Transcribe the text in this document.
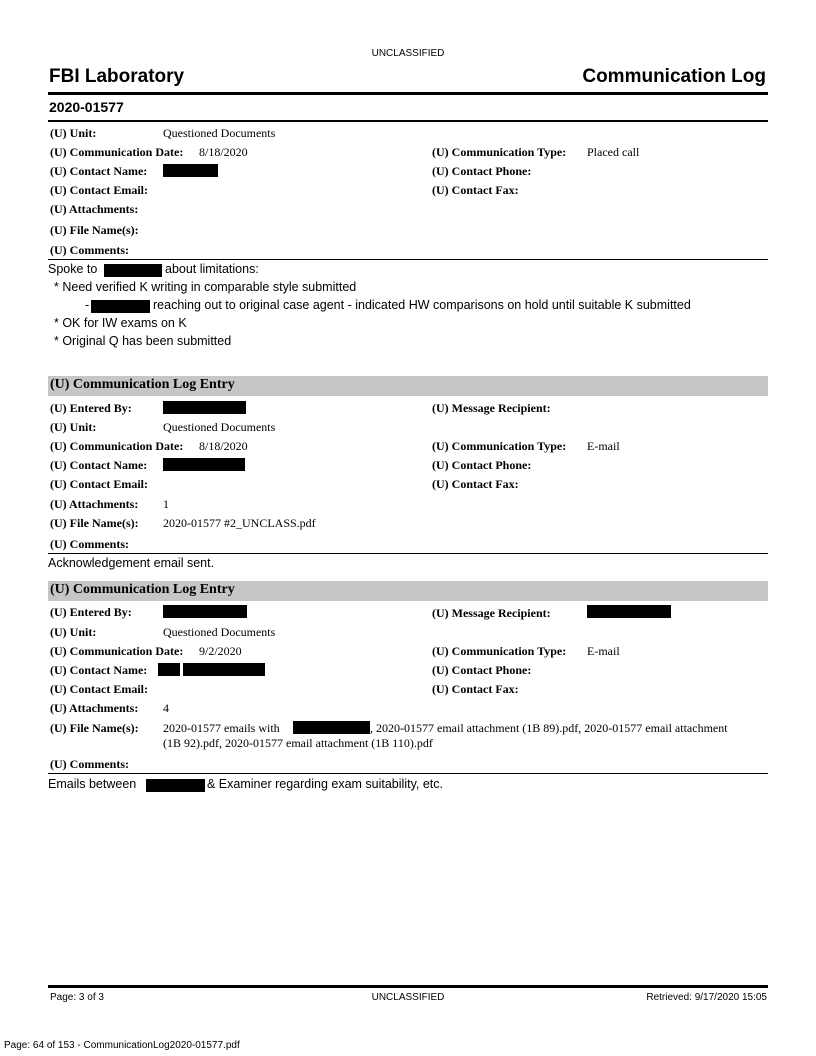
UNCLASSIFIED
FBI Laboratory	Communication Log
2020-01577
(U) Unit:	Questioned Documents
(U) Communication Date: 8/18/2020	(U) Communication Type: Placed call
(U) Contact Name:	(U) Contact Phone:
(U) Contact Email:	(U) Contact Fax:
(U) Attachments:
(U) File Name(s):
(U) Comments:
Spoke to	about limitations:
* Need verified K writing in comparable style submitted
-	reaching out to original case agent - indicated HW comparisons on hold until suitable K submitted
* OK for IW exams on K
* Original Q has been submitted
(U) Communication Log Entry
(U) Entered By:	(U) Message Recipient:
(U) Unit:	Questioned Documents
(U) Communication Date: 8/18/2020	(U) Communication Type: E-mail
(U) Contact Name:	(U) Contact Phone:
(U) Contact Email:	(U) Contact Fax:
(U) Attachments: 1
(U) File Name(s): 2020-01577 #2_UNCLASS.pdf
(U) Comments:
Acknowledgement email sent.
(U) Communication Log Entry
(U) Entered By:	(U) Message Recipient:
(U) Unit:	Questioned Documents
(U) Communication Date: 9/2/2020	(U) Communication Type: E-mail
(U) Contact Name:	(U) Contact Phone:
(U) Contact Email:	(U) Contact Fax:
(U) Attachments: 4
(U) File Name(s): 2020-01577 emails with	, 2020-01577 email attachment (1B 89).pdf, 2020-01577 email attachment
(1B 92).pdf, 2020-01577 email attachment (1B 110).pdf
(U) Comments:
Emails between	& Examiner regarding exam suitability, etc.
Page: 3 of 3	UNCLASSIFIED	Retrieved: 9/17/2020 15:05
Page: 64 of 153 - CommunicationLog2020-01577.pdf
